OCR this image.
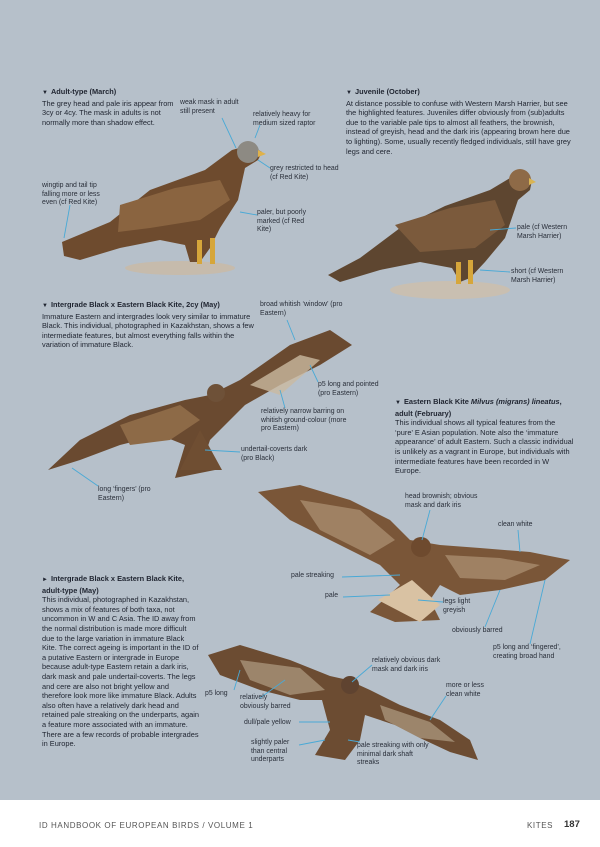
▼ Adult-type (March)
The grey head and pale iris appear from 3cy or 4cy. The mask in adults is not normally more than shadow effect.
▼ Juvenile (October)
At distance possible to confuse with Western Marsh Harrier, but see the highlighted features. Juveniles differ obviously from (sub)adults due to the variable pale tips to almost all feathers, the brownish, instead of greyish, head and the dark iris (appearing brown here due to lighting). Some, usually recently fledged individuals, still have grey legs and cere.
▼ Intergrade Black x Eastern Black Kite, 2cy (May)
Immature Eastern and intergrades look very similar to immature Black. This individual, photographed in Kazakhstan, shows a few intermediate features, but almost everything falls within the variation of immature Black.
▼ Eastern Black Kite Milvus (migrans) lineatus, adult (February)
This individual shows all typical features from the ‘pure’ E Asian population. Note also the ‘immature appearance’ of adult Eastern. Such a classic individual is unlikely as a vagrant in Europe, but individuals with intermediate features have been recorded in W Europe.
► Intergrade Black x Eastern Black Kite, adult-type (May)
This individual, photographed in Kazakhstan, shows a mix of features of both taxa, not uncommon in W and C Asia. The ID away from the normal distribution is made more difficult due to the large variation in immature Black Kite. The correct ageing is important in the ID of a putative Eastern or intergrade in Europe because adult-type Eastern retain a dark iris, dark mask and pale undertail-coverts. The legs and cere are also not bright yellow and therefore look more like immature Black. Adults also often have a relatively dark head and retained pale streaking on the underparts, again a feature more associated with an immature. There are a few records of probable intergrades in Europe.
weak mask in adult still present	relatively heavy for medium sized raptor
grey restricted to head (cf Red Kite)
wingtip and tail tip falling more or less even (cf Red Kite)
paler, but poorly marked (cf Red Kite)	pale (cf Western Marsh Harrier)
short (cf Western Marsh Harrier)
broad whitish ‘window’ (pro Eastern)
p5 long and pointed (pro Eastern)
relatively narrow barring on whitish ground-colour (more pro Eastern)
undertail-coverts dark (pro Black)
long ‘fingers’ (pro Eastern)	head brownish; obvious mask and dark iris
clean white
pale streaking
pale
legs light greyish
obviously barred
p5 long and ‘fingered’, creating broad hand
relatively obvious dark mask and dark iris
more or less clean white
p5 long
relatively obviously barred
dull/pale yellow
slightly paler than central underparts
pale streaking with only minimal dark shaft streaks
ID HANDBOOK OF EUROPEAN BIRDS / VOLUME 1	KITES 187
